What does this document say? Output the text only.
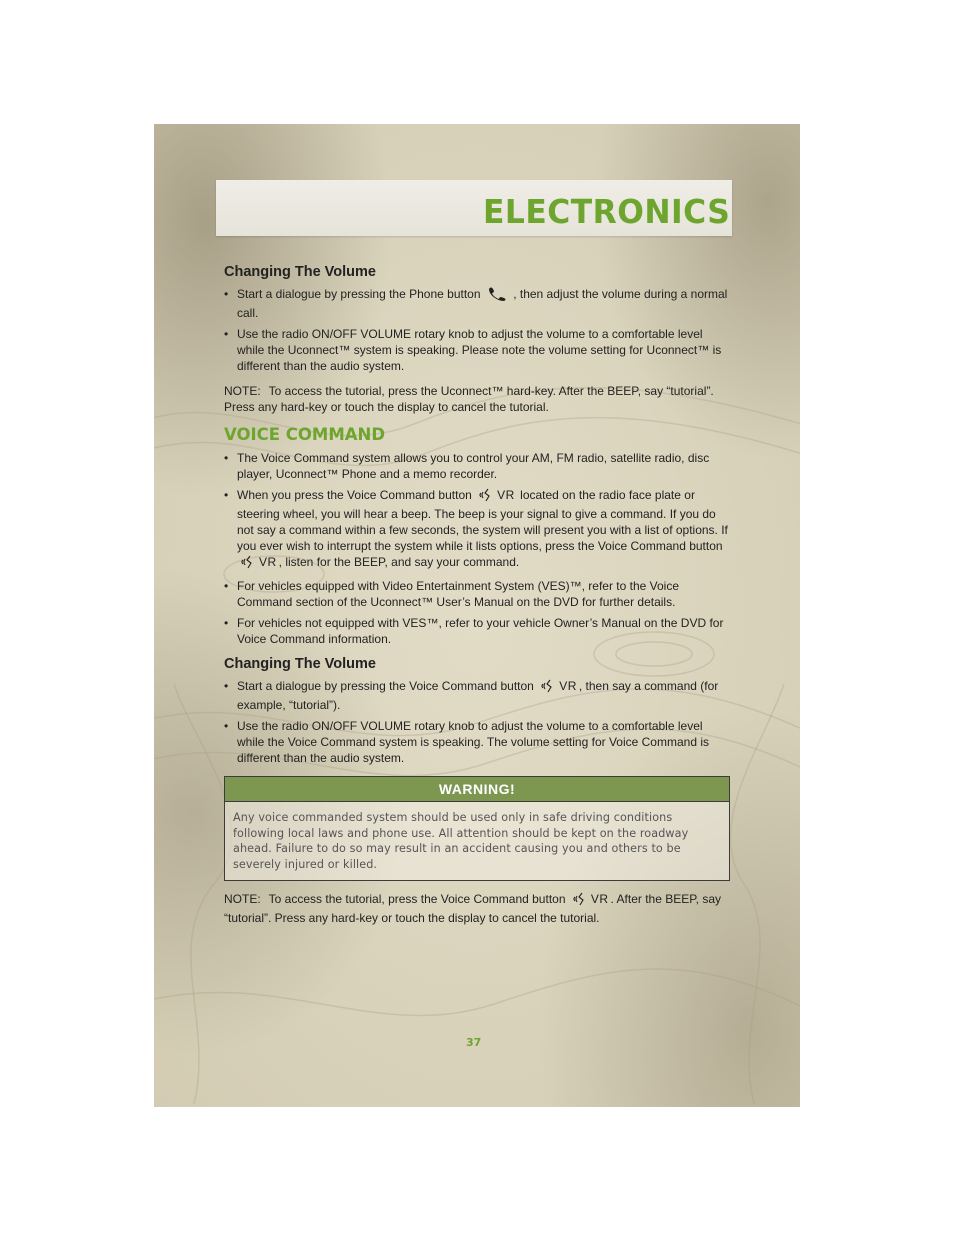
ELECTRONICS
Changing The Volume
• Start a dialogue by pressing the Phone button	, then adjust the volume during a normal call.
• Use the radio ON/OFF VOLUME rotary knob to adjust the volume to a comfortable level while the Uconnect™ system is speaking. Please note the volume setting for Uconnect™ is different than the audio system.

NOTE: To access the tutorial, press the Uconnect™ hard-key. After the BEEP, say “tutorial”. Press any hard-key or touch the display to cancel the tutorial.

VOICE COMMAND
• The Voice Command system allows you to control your AM, FM radio, satellite radio, disc player, Uconnect™ Phone and a memo recorder.
• When you press the Voice Command button VR located on the radio face plate or steering wheel, you will hear a beep. The beep is your signal to give a command. If you do not say a command within a few seconds, the system will present you with a list of options. If you ever wish to interrupt the system while it lists options, press the Voice Command button VR , listen for the BEEP, and say your command.
• For vehicles equipped with Video Entertainment System (VES)™, refer to the Voice Command section of the Uconnect™ User’s Manual on the DVD for further details.
• For vehicles not equipped with VES™, refer to your vehicle Owner’s Manual on the DVD for Voice Command information.
Changing The Volume
• Start a dialogue by pressing the Voice Command button VR , then say a command (for example, “tutorial”).
• Use the radio ON/OFF VOLUME rotary knob to adjust the volume to a comfortable level while the Voice Command system is speaking. The volume setting for Voice Command is different than the audio system.
WARNING!
Any voice commanded system should be used only in safe driving conditions following local laws and phone use. All attention should be kept on the roadway ahead. Failure to do so may result in an accident causing you and others to be severely injured or killed.

NOTE: To access the tutorial, press the Voice Command button VR . After the BEEP, say “tutorial”. Press any hard-key or touch the display to cancel the tutorial.

37
